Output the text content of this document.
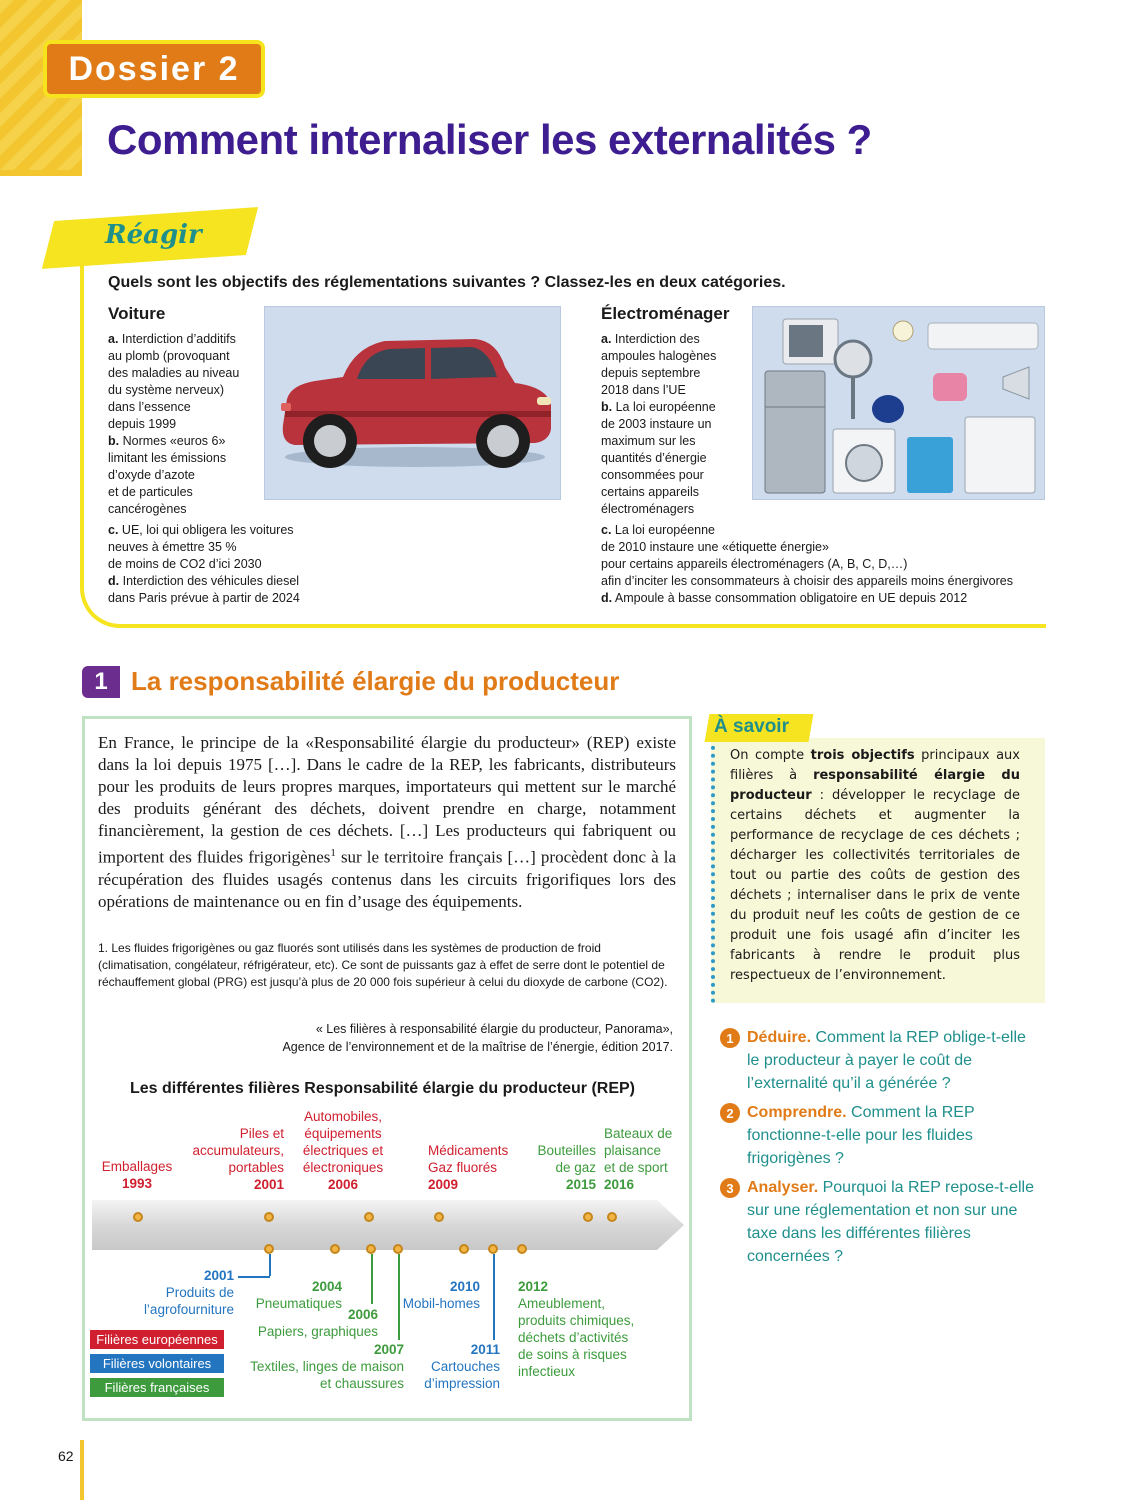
Dossier 2
Comment internaliser les externalités ?
Réagir
Quels sont les objectifs des réglementations suivantes ? Classez-les en deux catégories.
Voiture
a. Interdiction d’additifs
au plomb (provoquant
des maladies au niveau
du système nerveux)
dans l’essence
depuis 1999
b. Normes «euros 6»
limitant les émissions
d’oxyde d’azote
et de particules
cancérogènes
c. UE, loi qui obligera les voitures
neuves à émettre 35 %
de moins de CO2 d’ici 2030
d. Interdiction des véhicules diesel
dans Paris prévue à partir de 2024
Électroménager
a. Interdiction des
ampoules halogènes
depuis septembre
2018 dans l’UE
b. La loi européenne
de 2003 instaure un
maximum sur les
quantités d’énergie
consommées pour
certains appareils
électroménagers
c. La loi européenne
de 2010 instaure une «étiquette énergie»
pour certains appareils électroménagers (A, B, C, D,…)
afin d’inciter les consommateurs à choisir des appareils moins énergivores
d. Ampoule à basse consommation obligatoire en UE depuis 2012
1 La responsabilité élargie du producteur
En France, le principe de la «Responsabilité élargie du producteur» (REP) existe dans la loi depuis 1975 […]. Dans le cadre de la REP, les fabricants, distributeurs pour les produits de leurs propres marques, importateurs qui mettent sur le marché des produits générant des déchets, doivent prendre en charge, notamment financièrement, la gestion de ces déchets. […] Les producteurs qui fabriquent ou importent des fluides frigorigènes$^1$ sur le territoire français […] procèdent donc à la récupération des fluides usagés contenus dans les circuits frigorifiques lors des opérations de maintenance ou en fin d’usage des équipements.
1. Les fluides frigorigènes ou gaz fluorés sont utilisés dans les systèmes de production de froid (climatisation, congélateur, réfrigérateur, etc). Ce sont de puissants gaz à effet de serre dont le potentiel de réchauffement global (PRG) est jusqu’à plus de 20 000 fois supérieur à celui du dioxyde de carbone (CO2).
« Les filières à responsabilité élargie du producteur, Panorama»,
Agence de l’environnement et de la maîtrise de l’énergie, édition 2017.
Les différentes filières Responsabilité élargie du producteur (REP)
Emballages
1993
Piles et
accumulateurs,
portables
2001
Automobiles,
équipements
électriques et
électroniques
2006
Médicaments
Gaz fluorés
2009
Bouteilles
de gaz 2015
Bateaux de
plaisance
et de sport
2016
2001
Produits de
l’agrofourniture
2004
Pneumatiques
2006
Papiers, graphiques
2007
Textiles, linges de maison
et chaussures
2010
Mobil-homes
2011
Cartouches
d’impression
2012
Ameublement,
produits chimiques,
déchets d’activités
de soins à risques
infectieux
Filières européennes
Filières volontaires
Filières françaises
À savoir
On compte trois objectifs principaux aux filières à responsabilité élargie du producteur : développer le recyclage de certains déchets et augmenter la performance de recyclage de ces déchets ; décharger les collectivités territoriales de tout ou partie des coûts de gestion des déchets ; internaliser dans le prix de vente du produit neuf les coûts de gestion de ce produit une fois usagé afin d’inciter les fabricants à rendre le produit plus respectueux de l’environnement.
1 Déduire. Comment la REP oblige-t-elle le producteur à payer le coût de l’externalité qu’il a générée ?
2 Comprendre. Comment la REP fonctionne-t-elle pour les fluides frigorigènes ?
3 Analyser. Pourquoi la REP repose-t-elle sur une réglementation et non sur une taxe dans les différentes filières concernées ?
62
